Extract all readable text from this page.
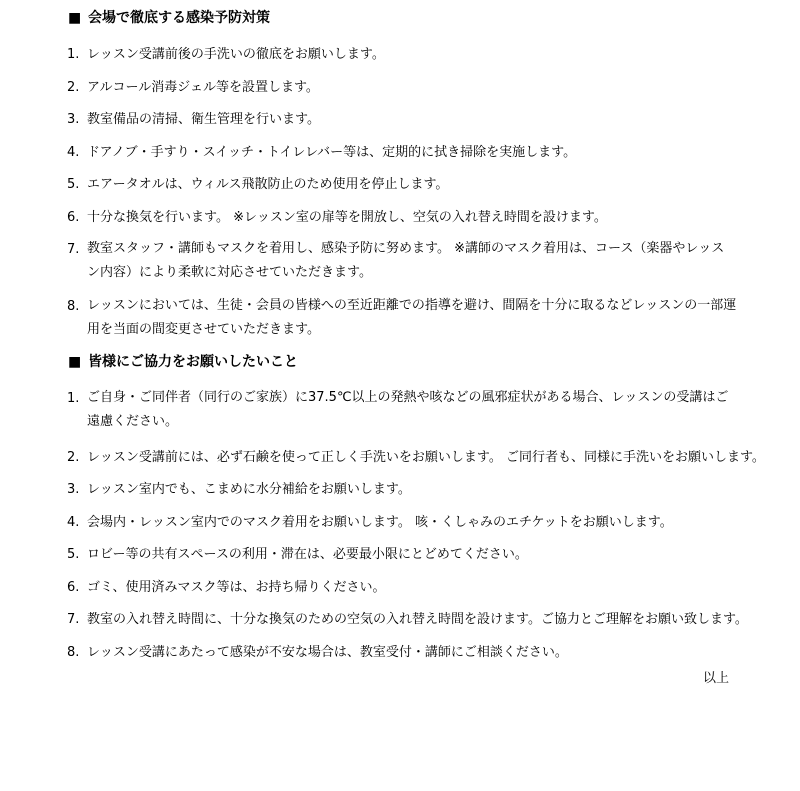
■ 会場で徹底する感染予防対策
1. レッスン受講前後の手洗いの徹底をお願いします。
2. アルコール消毒ジェル等を設置します。
3. 教室備品の清掃、衛生管理を行います。
4. ドアノブ・手すり・スイッチ・トイレレバー等は、定期的に拭き掃除を実施します。
5. エアータオルは、ウィルス飛散防止のため使用を停止します。
6. 十分な換気を行います。 ※レッスン室の扉等を開放し、空気の入れ替え時間を設けます。
7. 教室スタッフ・講師もマスクを着用し、感染予防に努めます。 ※講師のマスク着用は、コース（楽器やレッスン内容）により柔軟に対応させていただきます。
8. レッスンにおいては、生徒・会員の皆様への至近距離での指導を避け、間隔を十分に取るなどレッスンの一部運用を当面の間変更させていただきます。
■ 皆様にご協力をお願いしたいこと
1. ご自身・ご同伴者（同行のご家族）に37.5℃以上の発熱や咳などの風邪症状がある場合、レッスンの受講はご遠慮ください。
2. レッスン受講前には、必ず石鹸を使って正しく手洗いをお願いします。 ご同行者も、同様に手洗いをお願いします。
3. レッスン室内でも、こまめに水分補給をお願いします。
4. 会場内・レッスン室内でのマスク着用をお願いします。 咳・くしゃみのエチケットをお願いします。
5. ロビー等の共有スペースの利用・滞在は、必要最小限にとどめてください。
6. ゴミ、使用済みマスク等は、お持ち帰りください。
7. 教室の入れ替え時間に、十分な換気のための空気の入れ替え時間を設けます。ご協力とご理解をお願い致します。
8. レッスン受講にあたって感染が不安な場合は、教室受付・講師にご相談ください。
以上
